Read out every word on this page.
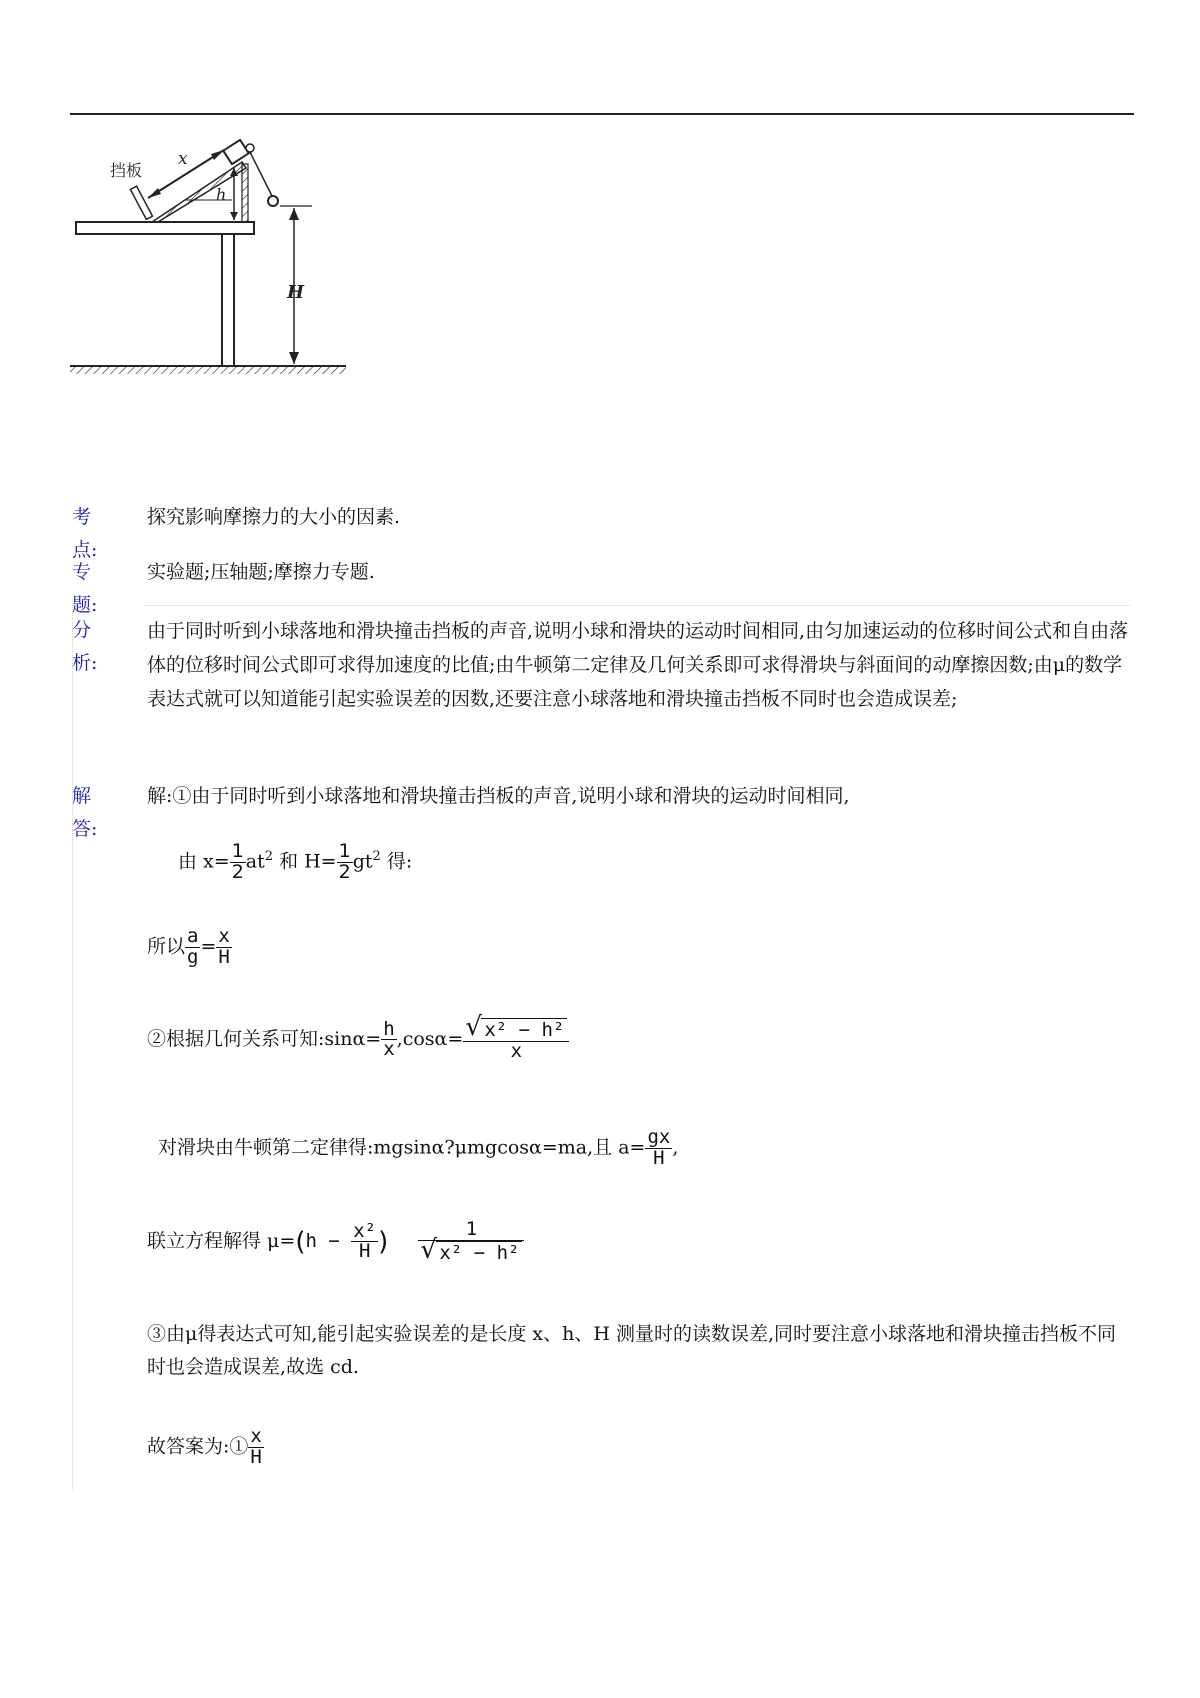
挡板
x
h
H
考点:
探究影响摩擦力的大小的因素.
专题:
实验题;压轴题;摩擦力专题.
分析:
由于同时听到小球落地和滑块撞击挡板的声音,说明小球和滑块的运动时间相同,由匀加速运动的位移时间公式和自由落体的位移时间公式即可求得加速度的比值;由牛顿第二定律及几何关系即可求得滑块与斜面间的动摩擦因数;由μ的数学表达式就可以知道能引起实验误差的因数,还要注意小球落地和滑块撞击挡板不同时也会造成误差;
解答:
解:①由于同时听到小球落地和滑块撞击挡板的声音,说明小球和滑块的运动时间相同,
由 $x= \frac{1}{2} at^2$ 和 $H= \frac{1}{2} gt^2$ 得:
所以 $\frac{a}{g} = \frac{x}{H}$
②根据几何关系可知:sinα= $\frac{h}{x} ,\cos\alpha= \frac{\text{√ x² − h²}}{x}$
对滑块由牛顿第二定律得:mgsinα?μmgcosα=ma,且 $a= \frac{gx}{H}$ ,
联立方程解得 $\mu=(h - \frac{\text{x²}}{H}$ ) $\frac{1}{\text{√ x² − h²}}$
③由μ得表达式可知,能引起实验误差的是长度 x、h、H 测量时的读数误差,同时要注意小球落地和滑块撞击挡板不同时也会造成误差,故选 cd.
故答案为:① $\frac{x}{H}$
